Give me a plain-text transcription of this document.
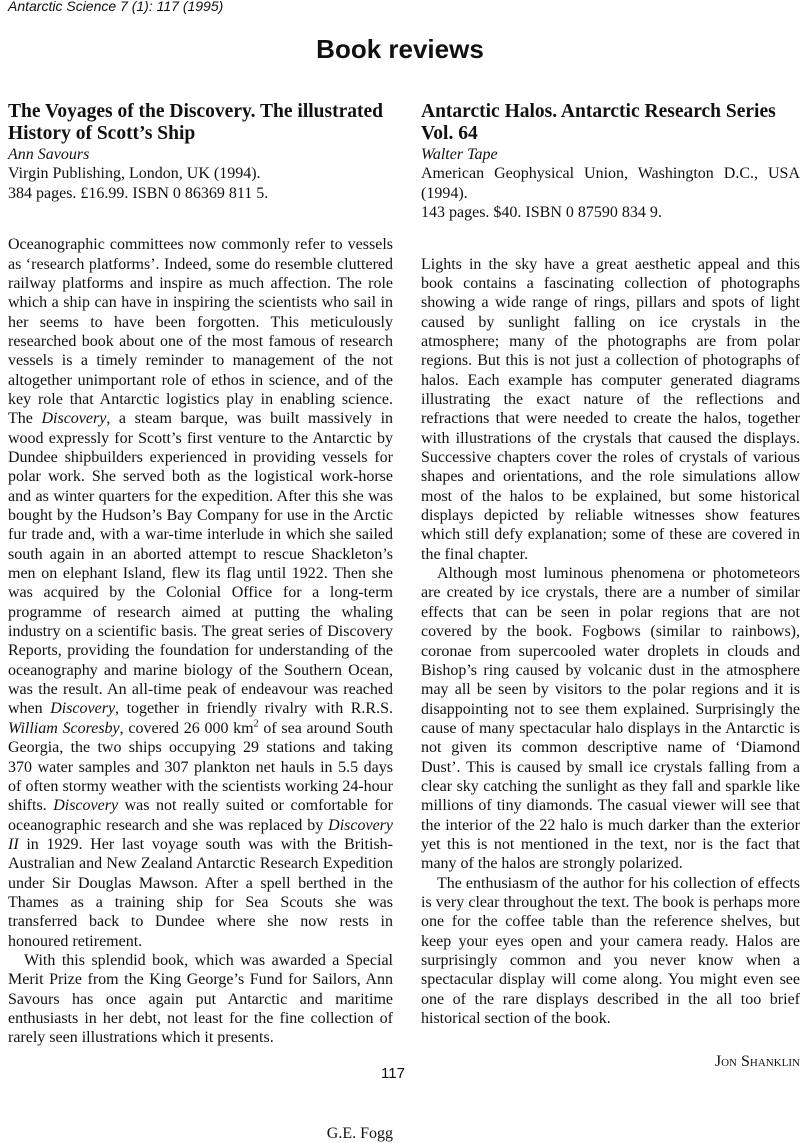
Antarctic Science 7 (1): 117 (1995)
Book reviews
The Voyages of the Discovery. The illustrated History of Scott’s Ship
Ann Savours
Virgin Publishing, London, UK (1994).
384 pages. £16.99. ISBN 0 86369 811 5.

Oceanographic committees now commonly refer to vessels as ‘research platforms’. Indeed, some do resemble cluttered railway platforms and inspire as much affection. The role which a ship can have in inspiring the scientists who sail in her seems to have been forgotten. This meticulously researched book about one of the most famous of research vessels is a timely reminder to management of the not altogether unimportant role of ethos in science, and of the key role that Antarctic logistics play in enabling science. The Discovery, a steam barque, was built massively in wood expressly for Scott’s first venture to the Antarctic by Dundee shipbuilders experienced in providing vessels for polar work. She served both as the logistical work-horse and as winter quarters for the expedition. After this she was bought by the Hudson’s Bay Company for use in the Arctic fur trade and, with a war-time interlude in which she sailed south again in an aborted attempt to rescue Shackleton’s men on elephant Island, flew its flag until 1922. Then she was acquired by the Colonial Office for a long-term programme of research aimed at putting the whaling industry on a scientific basis. The great series of Discovery Reports, providing the foundation for understanding of the oceanography and marine biology of the Southern Ocean, was the result. An all-time peak of endeavour was reached when Discovery, together in friendly rivalry with R.R.S. William Scoresby, covered 26 000 $km^2$ of sea around South Georgia, the two ships occupying 29 stations and taking 370 water samples and 307 plankton net hauls in 5.5 days of often stormy weather with the scientists working 24-hour shifts. Discovery was not really suited or comfortable for oceanographic research and she was replaced by Discovery II in 1929. Her last voyage south was with the British-Australian and New Zealand Antarctic Research Expedition under Sir Douglas Mawson. After a spell berthed in the Thames as a training ship for Sea Scouts she was transferred back to Dundee where she now rests in honoured retirement.

With this splendid book, which was awarded a Special Merit Prize from the King George’s Fund for Sailors, Ann Savours has once again put Antarctic and maritime enthusiasts in her debt, not least for the fine collection of rarely seen illustrations which it presents.

G.E. Fogg
Antarctic Halos. Antarctic Research Series Vol. 64
Walter Tape
American Geophysical Union, Washington D.C., USA (1994).
143 pages. $40. ISBN 0 87590 834 9.

Lights in the sky have a great aesthetic appeal and this book contains a fascinating collection of photographs showing a wide range of rings, pillars and spots of light caused by sunlight falling on ice crystals in the atmosphere; many of the photographs are from polar regions. But this is not just a collection of photographs of halos. Each example has computer generated diagrams illustrating the exact nature of the reflections and refractions that were needed to create the halos, together with illustrations of the crystals that caused the displays. Successive chapters cover the roles of crystals of various shapes and orientations, and the role simulations allow most of the halos to be explained, but some historical displays depicted by reliable witnesses show features which still defy explanation; some of these are covered in the final chapter.

Although most luminous phenomena or photometeors are created by ice crystals, there are a number of similar effects that can be seen in polar regions that are not covered by the book. Fogbows (similar to rainbows), coronae from supercooled water droplets in clouds and Bishop’s ring caused by volcanic dust in the atmosphere may all be seen by visitors to the polar regions and it is disappointing not to see them explained. Surprisingly the cause of many spectacular halo displays in the Antarctic is not given its common descriptive name of ‘Diamond Dust’. This is caused by small ice crystals falling from a clear sky catching the sunlight as they fall and sparkle like millions of tiny diamonds. The casual viewer will see that the interior of the 22 halo is much darker than the exterior yet this is not mentioned in the text, nor is the fact that many of the halos are strongly polarized.

The enthusiasm of the author for his collection of effects is very clear throughout the text. The book is perhaps more one for the coffee table than the reference shelves, but keep your eyes open and your camera ready. Halos are surprisingly common and you never know when a spectacular display will come along. You might even see one of the rare displays described in the all too brief historical section of the book.

Jon Shanklin
117
